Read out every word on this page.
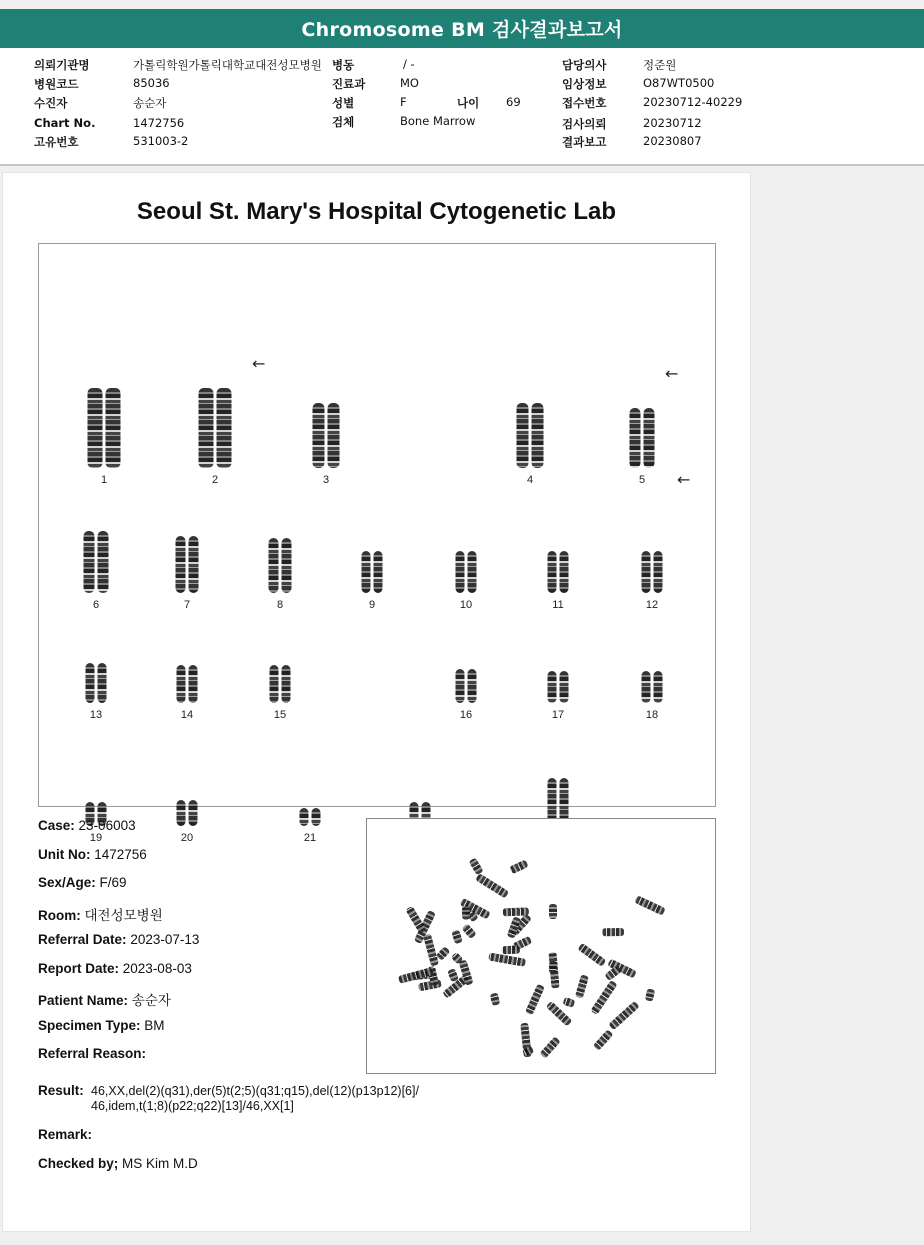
Chromosome BM 검사결과보고서
의뢰기관명	가톨릭학원가톨릭대학교대전성모병원 병동	/ -	담당의사	정준원
병원코드	85036	진료과	MO	임상정보	O87WT0500
수진자	송순자	성별	F	나이 69	접수번호	20230712-40229
Chart No.	1472756	검체	Bone Marrow	검사의뢰	20230712
고유번호	531003-2	결과보고	20230807
Seoul St. Mary's Hospital Cytogenetic Lab
←
←
←
1	2	3	4	5
6	7	8	9	10	11	12
13	14	15	16	17	18
19	20	21
Case: 23-06003
Unit No: 1472756
Sex/Age: F/69
Room: 대전성모병원
Referral Date: 2023-07-13
Report Date: 2023-08-03
Patient Name: 송순자
Specimen Type: BM
Referral Reason:
Result: 46,XX,del(2)(q31),der(5)t(2;5)(q31;q15),del(12)(p13p12)[6]/
46,idem,t(1;8)(p22;q22)[13]/46,XX[1]
Remark:
Checked by; MS Kim M.D
